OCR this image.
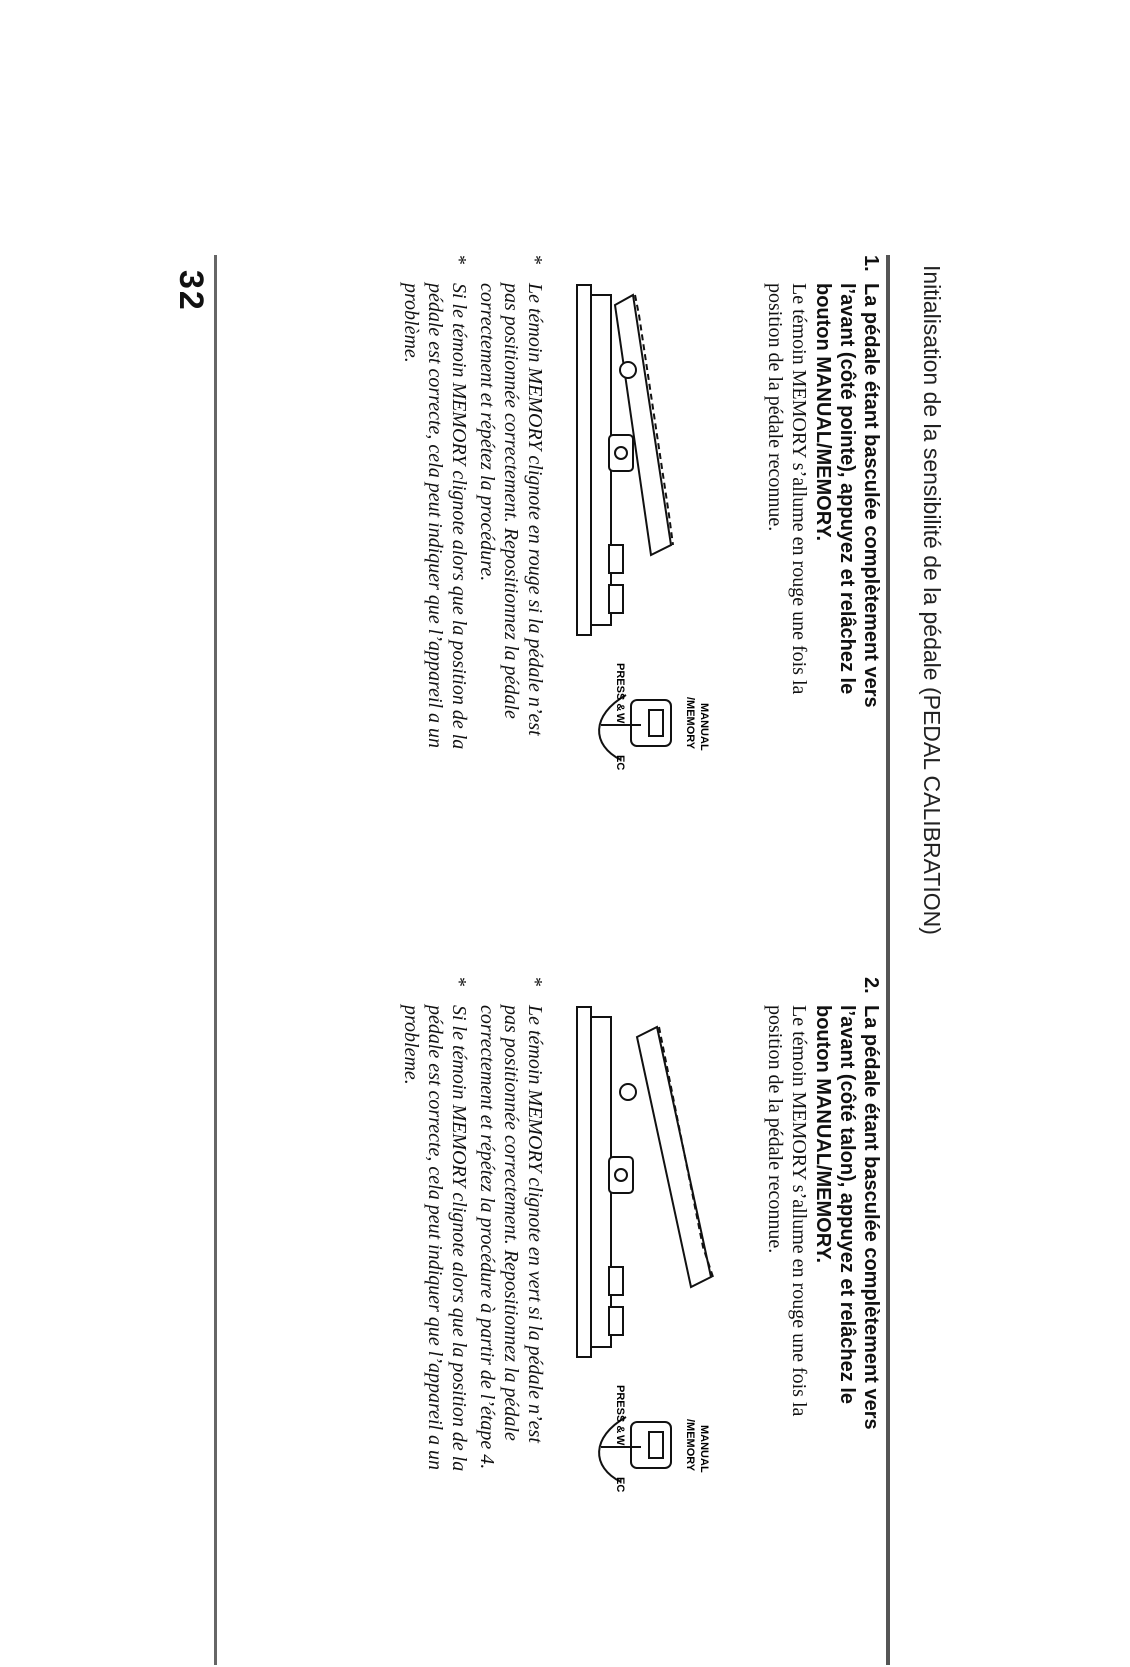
Initialisation de la sensibilité de la pédale (PEDAL CALIBRATION)
1.
La pédale étant basculée complètement vers l’avant (côté pointe), appuyez et relâchez le bouton MANUAL/MEMORY.
Le témoin MEMORY s’allume en rouge une fois la position de la pédale reconnue.
MANUAL
/MEMORY
PRESS &
W
EC
*
Le témoin MEMORY clignote en rouge si la pédale n’est pas positionnée correctement. Repositionnez la pédale correctement et répétez la procédure.
*
Si le témoin MEMORY clignote alors que la position de la pédale est correcte, cela peut indiquer que l’appareil a un problème.
2.
La pédale étant basculée complètement vers l’avant (côté talon), appuyez et relâchez le bouton MANUAL/MEMORY.
Le témoin MEMORY s’allume en rouge une fois la position de la pédale reconnue.
MANUAL
/MEMORY
PRESS &
W
EC
*
Le témoin MEMORY clignote en vert si la pédale n’est pas positionnée correctement. Repositionnez la pédale correctement et répétez la procédure à partir de l’étape 4.
*
Si le témoin MEMORY clignote alors que la position de la pédale est correcte, cela peut indiquer que l’appareil a un probleme.
32
